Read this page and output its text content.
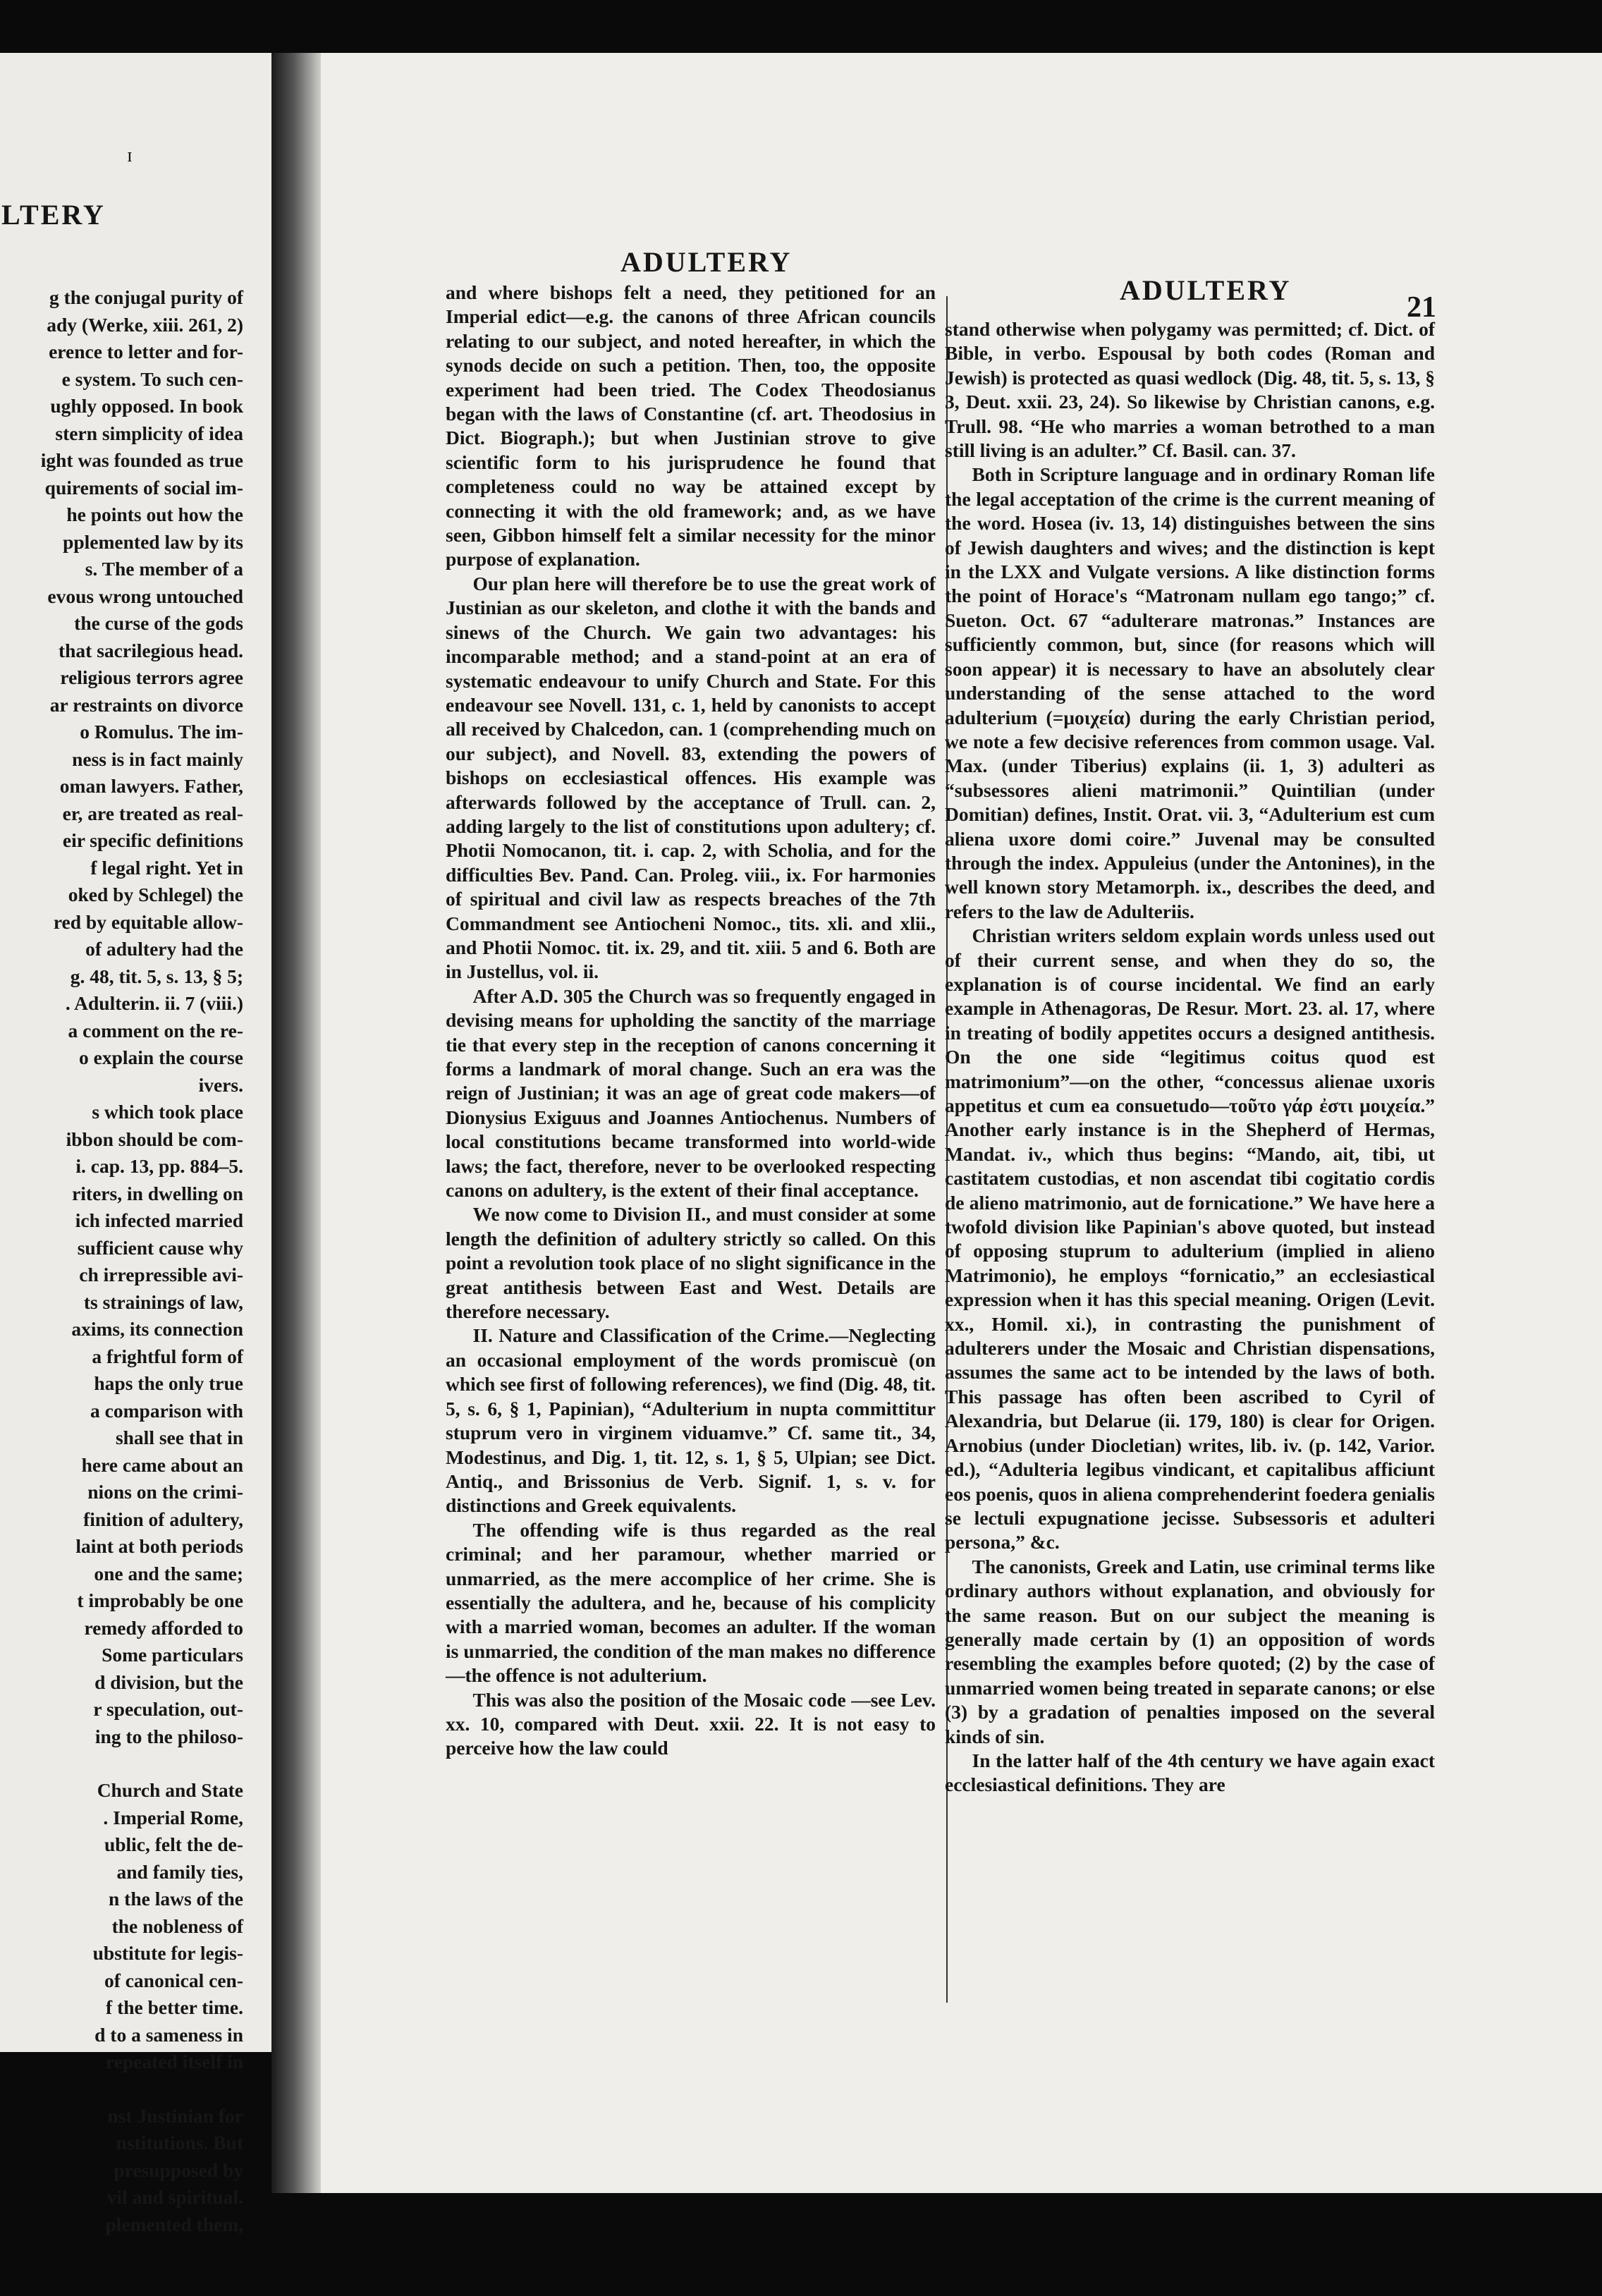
LTERY
ɪ
g the conjugal purity of
ady (Werke, xiii. 261, 2)
erence to letter and for-
e system. To such cen-
ughly opposed. In book
stern simplicity of idea
ight was founded as true
quirements of social im-
he points out how the
pplemented law by its
s. The member of a
evous wrong untouched
the curse of the gods
that sacrilegious head.
religious terrors agree
ar restraints on divorce
o Romulus. The im-
ness is in fact mainly
oman lawyers. Father,
er, are treated as real-
eir specific definitions
f legal right. Yet in
oked by Schlegel) the
red by equitable allow-
of adultery had the
g. 48, tit. 5, s. 13, § 5;
. Adulterin. ii. 7 (viii.)
a comment on the re-
o explain the course
ivers.
s which took place
ibbon should be com-
i. cap. 13, pp. 884–5.
riters, in dwelling on
ich infected married
sufficient cause why
ch irrepressible avi-
ts strainings of law,
axims, its connection
a frightful form of
haps the only true
a comparison with
shall see that in
here came about an
nions on the crimi-
finition of adultery,
laint at both periods
one and the same;
t improbably be one
remedy afforded to
Some particulars
d division, but the
r speculation, out-
ing to the philoso-
Church and State
. Imperial Rome,
ublic, felt the de-
and family ties,
n the laws of the
the nobleness of
ubstitute for legis-
of canonical cen-
f the better time.
d to a sameness in
repeated itself in
nst Justinian for
nstitutions. But
presupposed by
vil and spiritual.
plemented them,
ADULTERY
ADULTERY
21

and where bishops felt a need, they petitioned for an Imperial edict—e.g. the canons of three African councils relating to our subject, and noted hereafter, in which the synods decide on such a petition. Then, too, the opposite experiment had been tried. The Codex Theodosianus began with the laws of Constantine (cf. art. Theodosius in Dict. Biograph.); but when Justinian strove to give scientific form to his jurisprudence he found that completeness could no way be attained except by connecting it with the old framework; and, as we have seen, Gibbon himself felt a similar necessity for the minor purpose of explanation.

Our plan here will therefore be to use the great work of Justinian as our skeleton, and clothe it with the bands and sinews of the Church. We gain two advantages: his incomparable method; and a stand-point at an era of systematic endeavour to unify Church and State. For this endeavour see Novell. 131, c. 1, held by canonists to accept all received by Chalcedon, can. 1 (comprehending much on our subject), and Novell. 83, extending the powers of bishops on ecclesiastical offences. His example was afterwards followed by the acceptance of Trull. can. 2, adding largely to the list of constitutions upon adultery; cf. Photii Nomocanon, tit. i. cap. 2, with Scholia, and for the difficulties Bev. Pand. Can. Proleg. viii., ix. For harmonies of spiritual and civil law as respects breaches of the 7th Commandment see Antiocheni Nomoc., tits. xli. and xlii., and Photii Nomoc. tit. ix. 29, and tit. xiii. 5 and 6. Both are in Justellus, vol. ii.

After A.D. 305 the Church was so frequently engaged in devising means for upholding the sanctity of the marriage tie that every step in the reception of canons concerning it forms a landmark of moral change. Such an era was the reign of Justinian; it was an age of great code makers—of Dionysius Exiguus and Joannes Antiochenus. Numbers of local constitutions became transformed into world-wide laws; the fact, therefore, never to be overlooked respecting canons on adultery, is the extent of their final acceptance.

We now come to Division II., and must consider at some length the definition of adultery strictly so called. On this point a revolution took place of no slight significance in the great antithesis between East and West. Details are therefore necessary.

II. Nature and Classification of the Crime.—Neglecting an occasional employment of the words promiscuè (on which see first of following references), we find (Dig. 48, tit. 5, s. 6, § 1, Papinian), “Adulterium in nupta committitur stuprum vero in virginem viduamve.” Cf. same tit., 34, Modestinus, and Dig. 1, tit. 12, s. 1, § 5, Ulpian; see Dict. Antiq., and Brissonius de Verb. Signif. 1, s. v. for distinctions and Greek equivalents.

The offending wife is thus regarded as the real criminal; and her paramour, whether married or unmarried, as the mere accomplice of her crime. She is essentially the adultera, and he, because of his complicity with a married woman, becomes an adulter. If the woman is unmarried, the condition of the man makes no difference—the offence is not adulterium.

This was also the position of the Mosaic code —see Lev. xx. 10, compared with Deut. xxii. 22. It is not easy to perceive how the law could

stand otherwise when polygamy was permitted; cf. Dict. of Bible, in verbo. Espousal by both codes (Roman and Jewish) is protected as quasi wedlock (Dig. 48, tit. 5, s. 13, § 3, Deut. xxii. 23, 24). So likewise by Christian canons, e.g. Trull. 98. “He who marries a woman betrothed to a man still living is an adulter.” Cf. Basil. can. 37.

Both in Scripture language and in ordinary Roman life the legal acceptation of the crime is the current meaning of the word. Hosea (iv. 13, 14) distinguishes between the sins of Jewish daughters and wives; and the distinction is kept in the LXX and Vulgate versions. A like distinction forms the point of Horace's “Matronam nullam ego tango;” cf. Sueton. Oct. 67 “adulterare matronas.” Instances are sufficiently common, but, since (for reasons which will soon appear) it is necessary to have an absolutely clear understanding of the sense attached to the word adulterium (=μοιχεία) during the early Christian period, we note a few decisive references from common usage. Val. Max. (under Tiberius) explains (ii. 1, 3) adulteri as “subsessores alieni matrimonii.” Quintilian (under Domitian) defines, Instit. Orat. vii. 3, “Adulterium est cum aliena uxore domi coire.” Juvenal may be consulted through the index. Appuleius (under the Antonines), in the well known story Metamorph. ix., describes the deed, and refers to the law de Adulteriis.

Christian writers seldom explain words unless used out of their current sense, and when they do so, the explanation is of course incidental. We find an early example in Athenagoras, De Resur. Mort. 23. al. 17, where in treating of bodily appetites occurs a designed antithesis. On the one side “legitimus coitus quod est matrimonium”—on the other, “concessus alienae uxoris appetitus et cum ea consuetudo—τοῦτο γάρ ἐστι μοιχεία.” Another early instance is in the Shepherd of Hermas, Mandat. iv., which thus begins: “Mando, ait, tibi, ut castitatem custodias, et non ascendat tibi cogitatio cordis de alieno matrimonio, aut de fornicatione.” We have here a twofold division like Papinian's above quoted, but instead of opposing stuprum to adulterium (implied in alieno Matrimonio), he employs “fornicatio,” an ecclesiastical expression when it has this special meaning. Origen (Levit. xx., Homil. xi.), in contrasting the punishment of adulterers under the Mosaic and Christian dispensations, assumes the same act to be intended by the laws of both. This passage has often been ascribed to Cyril of Alexandria, but Delarue (ii. 179, 180) is clear for Origen. Arnobius (under Diocletian) writes, lib. iv. (p. 142, Varior. ed.), “Adulteria legibus vindicant, et capitalibus afficiunt eos poenis, quos in aliena comprehenderint foedera genialis se lectuli expugnatione jecisse. Subsessoris et adulteri persona,” &c.

The canonists, Greek and Latin, use criminal terms like ordinary authors without explanation, and obviously for the same reason. But on our subject the meaning is generally made certain by (1) an opposition of words resembling the examples before quoted; (2) by the case of unmarried women being treated in separate canons; or else (3) by a gradation of penalties imposed on the several kinds of sin.

In the latter half of the 4th century we have again exact ecclesiastical definitions. They are
